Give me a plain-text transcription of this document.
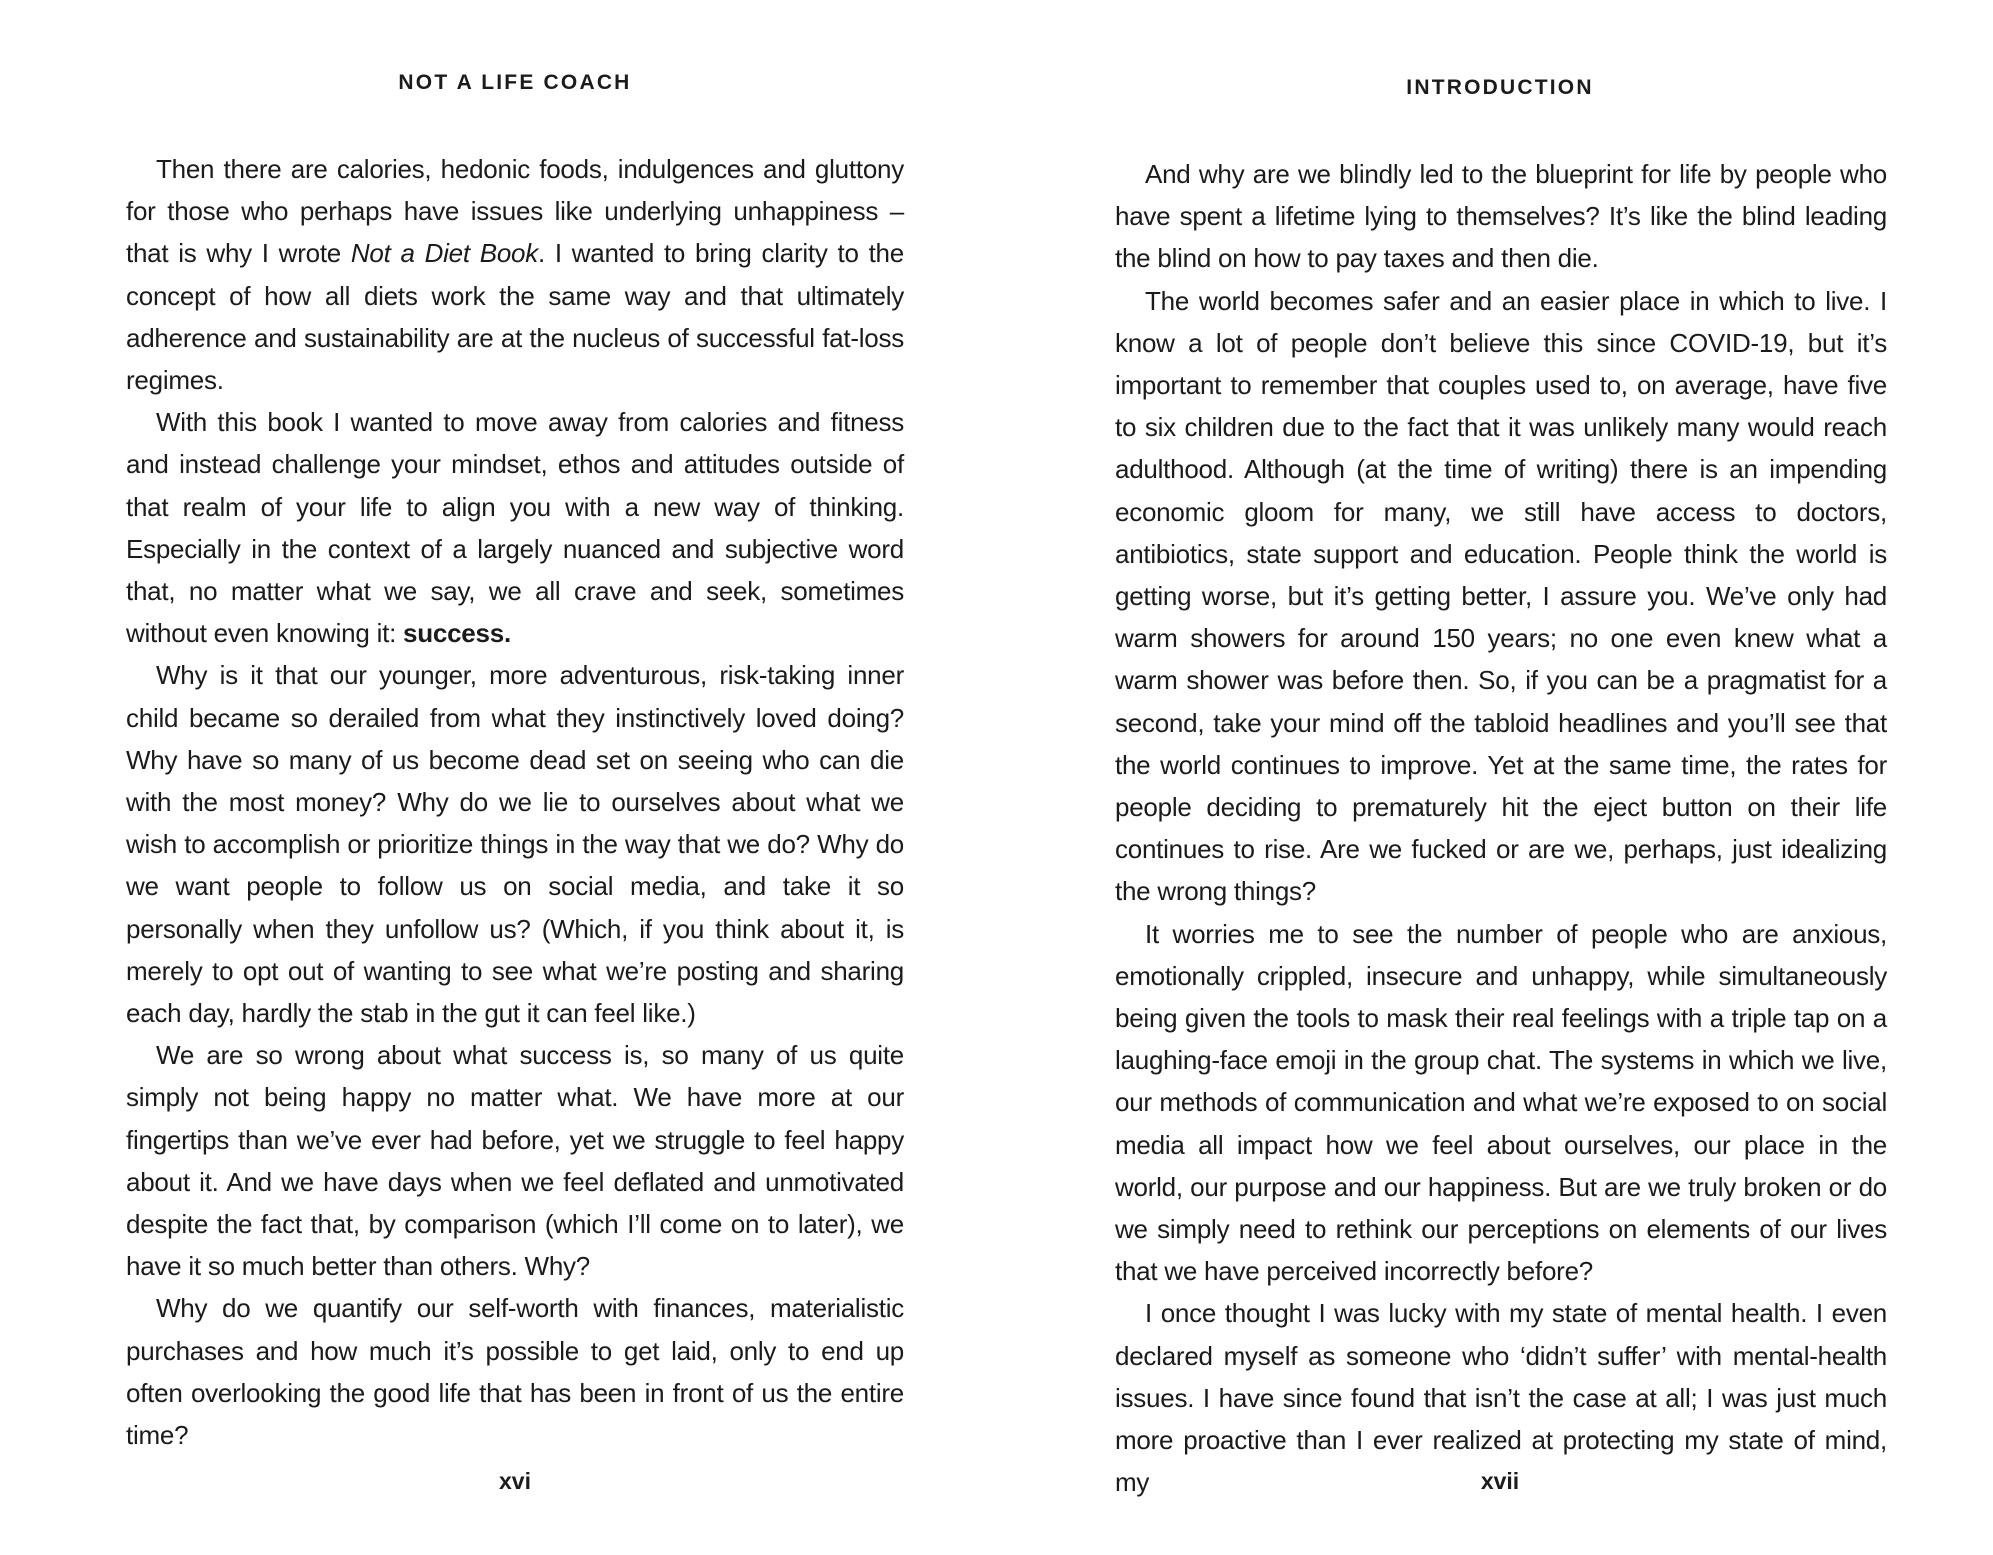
NOT A LIFE COACH

Then there are calories, hedonic foods, indulgences and gluttony for those who perhaps have issues like underlying unhappiness – that is why I wrote Not a Diet Book. I wanted to bring clarity to the concept of how all diets work the same way and that ultimately adherence and sustainability are at the nucleus of successful fat-loss regimes.

With this book I wanted to move away from calories and fitness and instead challenge your mindset, ethos and attitudes outside of that realm of your life to align you with a new way of thinking. Especially in the context of a largely nuanced and subjective word that, no matter what we say, we all crave and seek, sometimes without even knowing it: success.

Why is it that our younger, more adventurous, risk-taking inner child became so derailed from what they instinctively loved doing? Why have so many of us become dead set on seeing who can die with the most money? Why do we lie to ourselves about what we wish to accomplish or prioritize things in the way that we do? Why do we want people to follow us on social media, and take it so personally when they unfollow us? (Which, if you think about it, is merely to opt out of wanting to see what we’re posting and sharing each day, hardly the stab in the gut it can feel like.)

We are so wrong about what success is, so many of us quite simply not being happy no matter what. We have more at our fingertips than we’ve ever had before, yet we struggle to feel happy about it. And we have days when we feel deflated and unmotivated despite the fact that, by comparison (which I’ll come on to later), we have it so much better than others. Why?

Why do we quantify our self-worth with finances, materialistic purchases and how much it’s possible to get laid, only to end up often overlooking the good life that has been in front of us the entire time?

xvi
INTRODUCTION

And why are we blindly led to the blueprint for life by people who have spent a lifetime lying to themselves? It’s like the blind leading the blind on how to pay taxes and then die.

The world becomes safer and an easier place in which to live. I know a lot of people don’t believe this since COVID-19, but it’s important to remember that couples used to, on average, have five to six children due to the fact that it was unlikely many would reach adulthood. Although (at the time of writing) there is an impending economic gloom for many, we still have access to doctors, antibiotics, state support and education. People think the world is getting worse, but it’s getting better, I assure you. We’ve only had warm showers for around 150 years; no one even knew what a warm shower was before then. So, if you can be a pragmatist for a second, take your mind off the tabloid headlines and you’ll see that the world continues to improve. Yet at the same time, the rates for people deciding to prematurely hit the eject button on their life continues to rise. Are we fucked or are we, perhaps, just idealizing the wrong things?

It worries me to see the number of people who are anxious, emotionally crippled, insecure and unhappy, while simultaneously being given the tools to mask their real feelings with a triple tap on a laughing-face emoji in the group chat. The systems in which we live, our methods of communication and what we’re exposed to on social media all impact how we feel about ourselves, our place in the world, our purpose and our happiness. But are we truly broken or do we simply need to rethink our perceptions on elements of our lives that we have perceived incorrectly before?

I once thought I was lucky with my state of mental health. I even declared myself as someone who ‘didn’t suffer’ with mental-health issues. I have since found that isn’t the case at all; I was just much more proactive than I ever realized at protecting my state of mind, my	xvii
